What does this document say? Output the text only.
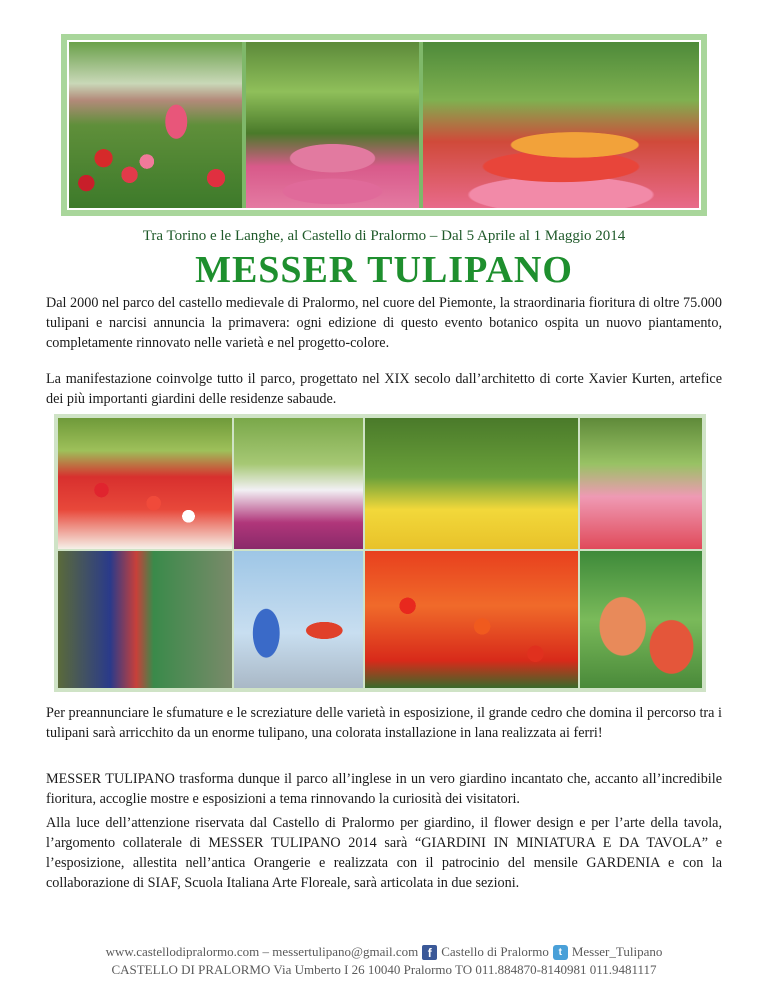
Tra Torino e le Langhe, al Castello di Pralormo – Dal 5 Aprile al 1 Maggio 2014
MESSER TULIPANO

Dal 2000 nel parco del castello medievale di Pralormo, nel cuore del Piemonte, la straordinaria fioritura di oltre 75.000 tulipani e narcisi annuncia la primavera: ogni edizione di questo evento botanico ospita un nuovo piantamento, completamente rinnovato nelle varietà e nel progetto-colore.

La manifestazione coinvolge tutto il parco, progettato nel XIX secolo dall’architetto di corte Xavier Kurten, artefice dei più importanti giardini delle residenze sabaude.

Per preannunciare le sfumature e le screziature delle varietà in esposizione, il grande cedro che domina il percorso tra i tulipani sarà arricchito da un enorme tulipano, una colorata installazione in lana realizzata ai ferri!

MESSER TULIPANO trasforma dunque il parco all’inglese in un vero giardino incantato che, accanto all’incredibile fioritura, accoglie mostre e esposizioni a tema rinnovando la curiosità dei visitatori.

Alla luce dell’attenzione riservata dal Castello di Pralormo per giardino, il flower design e per l’arte della tavola, l’argomento collaterale di MESSER TULIPANO 2014 sarà “GIARDINI IN MINIATURA E DA TAVOLA” e l’esposizione, allestita nell’antica Orangerie e realizzata con il patrocinio del mensile GARDENIA e con la collaborazione di SIAF, Scuola Italiana Arte Floreale, sarà articolata in due sezioni.

www.castellodipralormo.com – messertulipano@gmail.com f Castello di Pralormo t Messer_Tulipano
CASTELLO DI PRALORMO Via Umberto I 26 10040 Pralormo TO 011.884870-8140981 011.9481117
